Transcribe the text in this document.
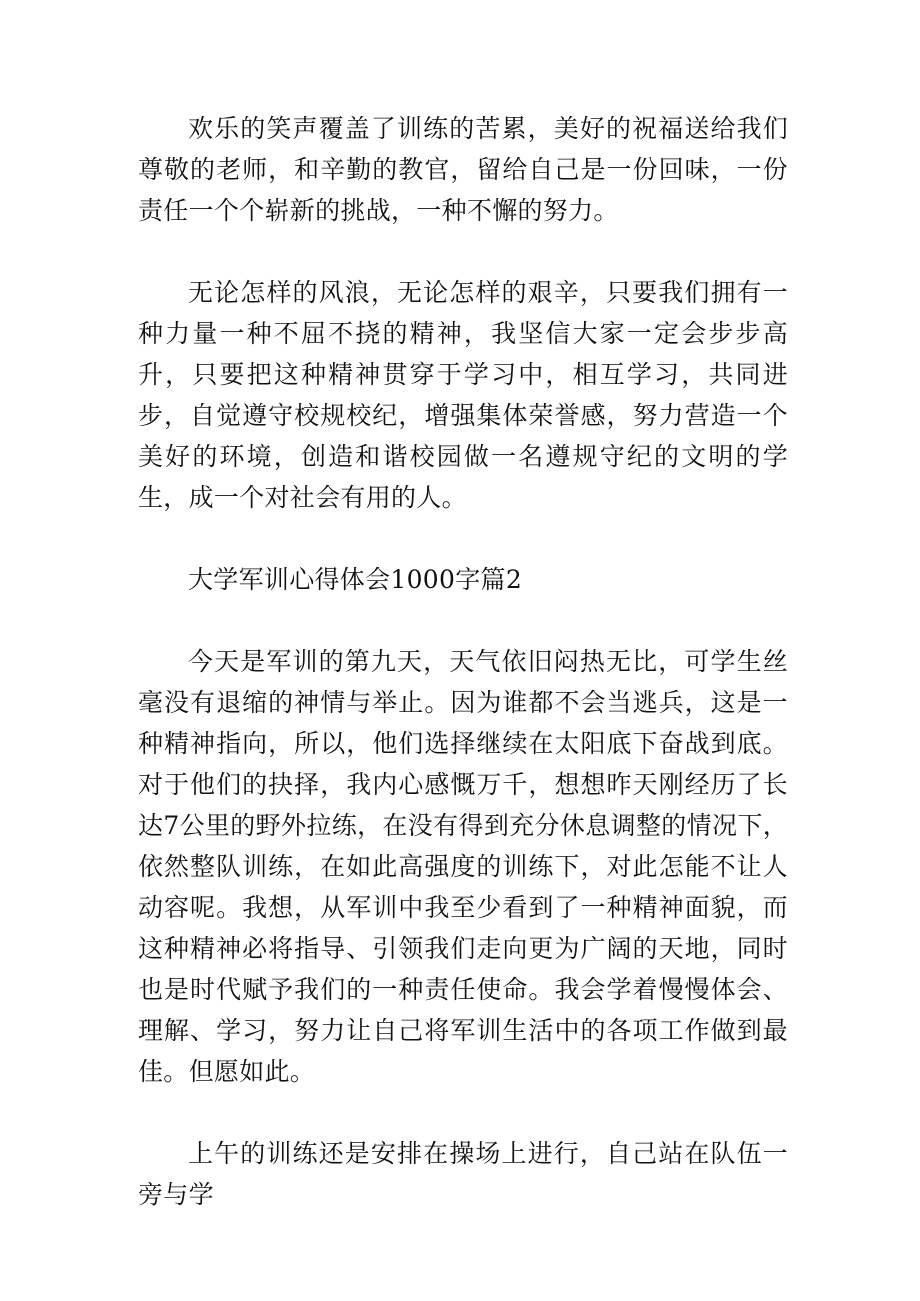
欢乐的笑声覆盖了训练的苦累，美好的祝福送给我们尊敬的老师，和辛勤的教官，留给自己是一份回味，一份责任一个个崭新的挑战，一种不懈的努力。

无论怎样的风浪，无论怎样的艰辛，只要我们拥有一种力量一种不屈不挠的精神，我坚信大家一定会步步高升，只要把这种精神贯穿于学习中，相互学习，共同进步，自觉遵守校规校纪，增强集体荣誉感，努力营造一个美好的环境，创造和谐校园做一名遵规守纪的文明的学生，成一个对社会有用的人。

大学军训心得体会1000字篇2

今天是军训的第九天，天气依旧闷热无比，可学生丝毫没有退缩的神情与举止。因为谁都不会当逃兵，这是一种精神指向，所以，他们选择继续在太阳底下奋战到底。对于他们的抉择，我内心感慨万千，想想昨天刚经历了长达7公里的野外拉练，在没有得到充分休息调整的情况下，依然整队训练，在如此高强度的训练下，对此怎能不让人动容呢。我想，从军训中我至少看到了一种精神面貌，而这种精神必将指导、引领我们走向更为广阔的天地，同时也是时代赋予我们的一种责任使命。我会学着慢慢体会、理解、学习，努力让自己将军训生活中的各项工作做到最佳。但愿如此。

上午的训练还是安排在操场上进行，自己站在队伍一旁与学
